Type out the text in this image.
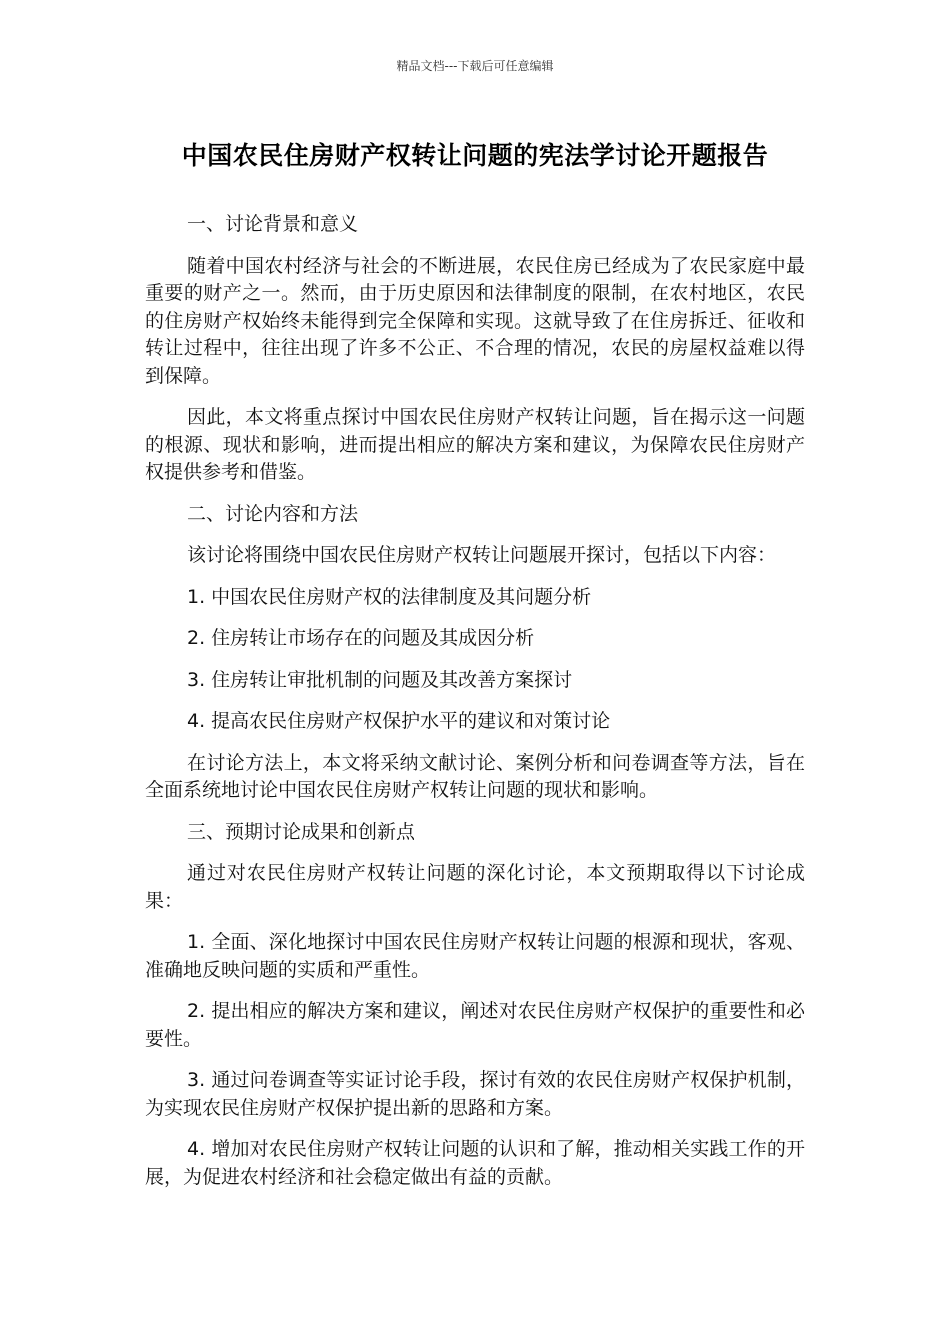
精品文档---下载后可任意编辑
中国农民住房财产权转让问题的宪法学讨论开题报告

一、讨论背景和意义

随着中国农村经济与社会的不断进展，农民住房已经成为了农民家庭中最重要的财产之一。然而，由于历史原因和法律制度的限制，在农村地区，农民的住房财产权始终未能得到完全保障和实现。这就导致了在住房拆迁、征收和转让过程中，往往出现了许多不公正、不合理的情况，农民的房屋权益难以得到保障。

因此，本文将重点探讨中国农民住房财产权转让问题，旨在揭示这一问题的根源、现状和影响，进而提出相应的解决方案和建议，为保障农民住房财产权提供参考和借鉴。

二、讨论内容和方法

该讨论将围绕中国农民住房财产权转让问题展开探讨，包括以下内容：

1. 中国农民住房财产权的法律制度及其问题分析

2. 住房转让市场存在的问题及其成因分析

3. 住房转让审批机制的问题及其改善方案探讨

4. 提高农民住房财产权保护水平的建议和对策讨论

在讨论方法上，本文将采纳文献讨论、案例分析和问卷调查等方法，旨在全面系统地讨论中国农民住房财产权转让问题的现状和影响。

三、预期讨论成果和创新点

通过对农民住房财产权转让问题的深化讨论，本文预期取得以下讨论成果：

1. 全面、深化地探讨中国农民住房财产权转让问题的根源和现状，客观、准确地反映问题的实质和严重性。

2. 提出相应的解决方案和建议，阐述对农民住房财产权保护的重要性和必要性。

3. 通过问卷调查等实证讨论手段，探讨有效的农民住房财产权保护机制，为实现农民住房财产权保护提出新的思路和方案。

4. 增加对农民住房财产权转让问题的认识和了解，推动相关实践工作的开展，为促进农村经济和社会稳定做出有益的贡献。
